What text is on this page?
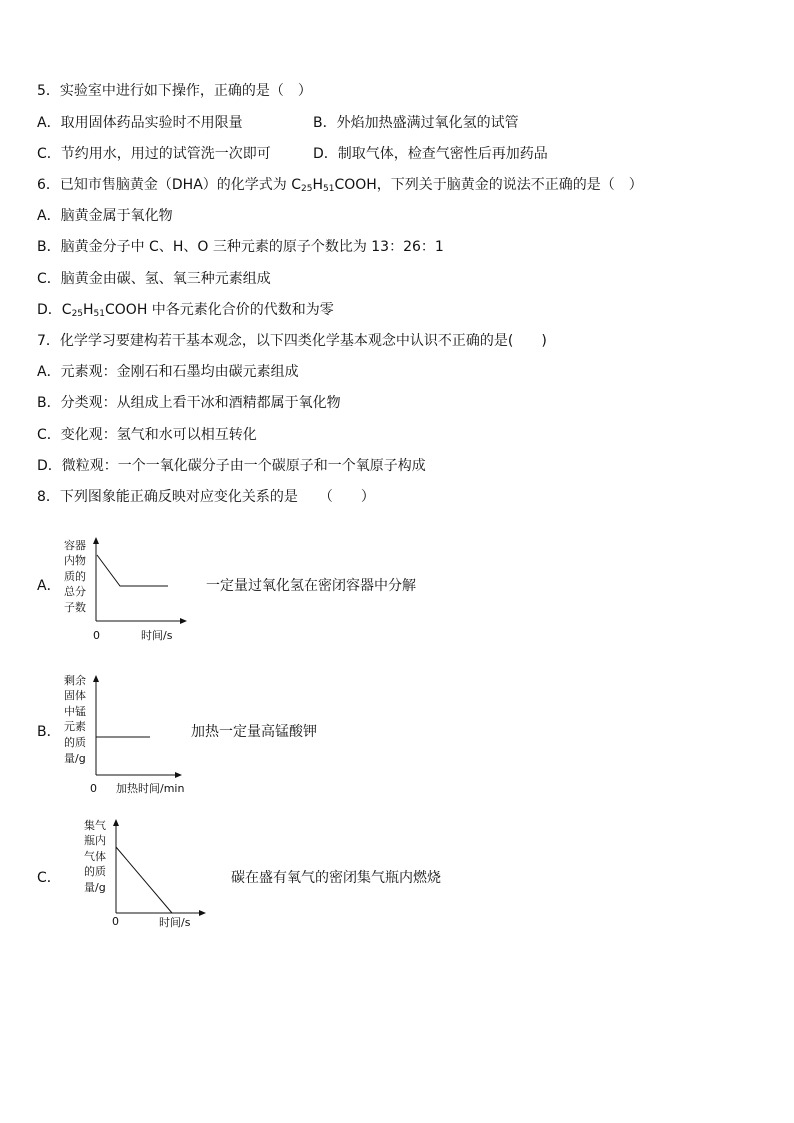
5．实验室中进行如下操作，正确的是（　）
A．取用固体药品实验时不用限量	B．外焰加热盛满过氧化氢的试管
C．节约用水，用过的试管洗一次即可	D．制取气体，检查气密性后再加药品
6．已知市售脑黄金（DHA）的化学式为 $C_{25}H_{51}COOH$，下列关于脑黄金的说法不正确的是（　）
A．脑黄金属于氧化物
B．脑黄金分子中 C、H、O 三种元素的原子个数比为 13：26：1
C．脑黄金由碳、氢、氧三种元素组成
D．$C_{25}H_{51}COOH$ 中各元素化合价的代数和为零
7．化学学习要建构若干基本观念，以下四类化学基本观念中认识不正确的是(　　)
A．元素观：金刚石和石墨均由碳元素组成
B．分类观：从组成上看干冰和酒精都属于氧化物
C．变化观：氢气和水可以相互转化
D．微粒观：一个一氧化碳分子由一个碳原子和一个氧原子构成
8．下列图象能正确反映对应变化关系的是　　（　　）
A．
容器
内物
质的
总分
子数
0	时间/s
一定量过氧化氢在密闭容器中分解
B．
剩余
固体
中锰
元素
的质
量/g
0 加热时间/min
加热一定量高锰酸钾
C．
集气
瓶内
气体
的质
量/g
0	时间/s
碳在盛有氧气的密闭集气瓶内燃烧
